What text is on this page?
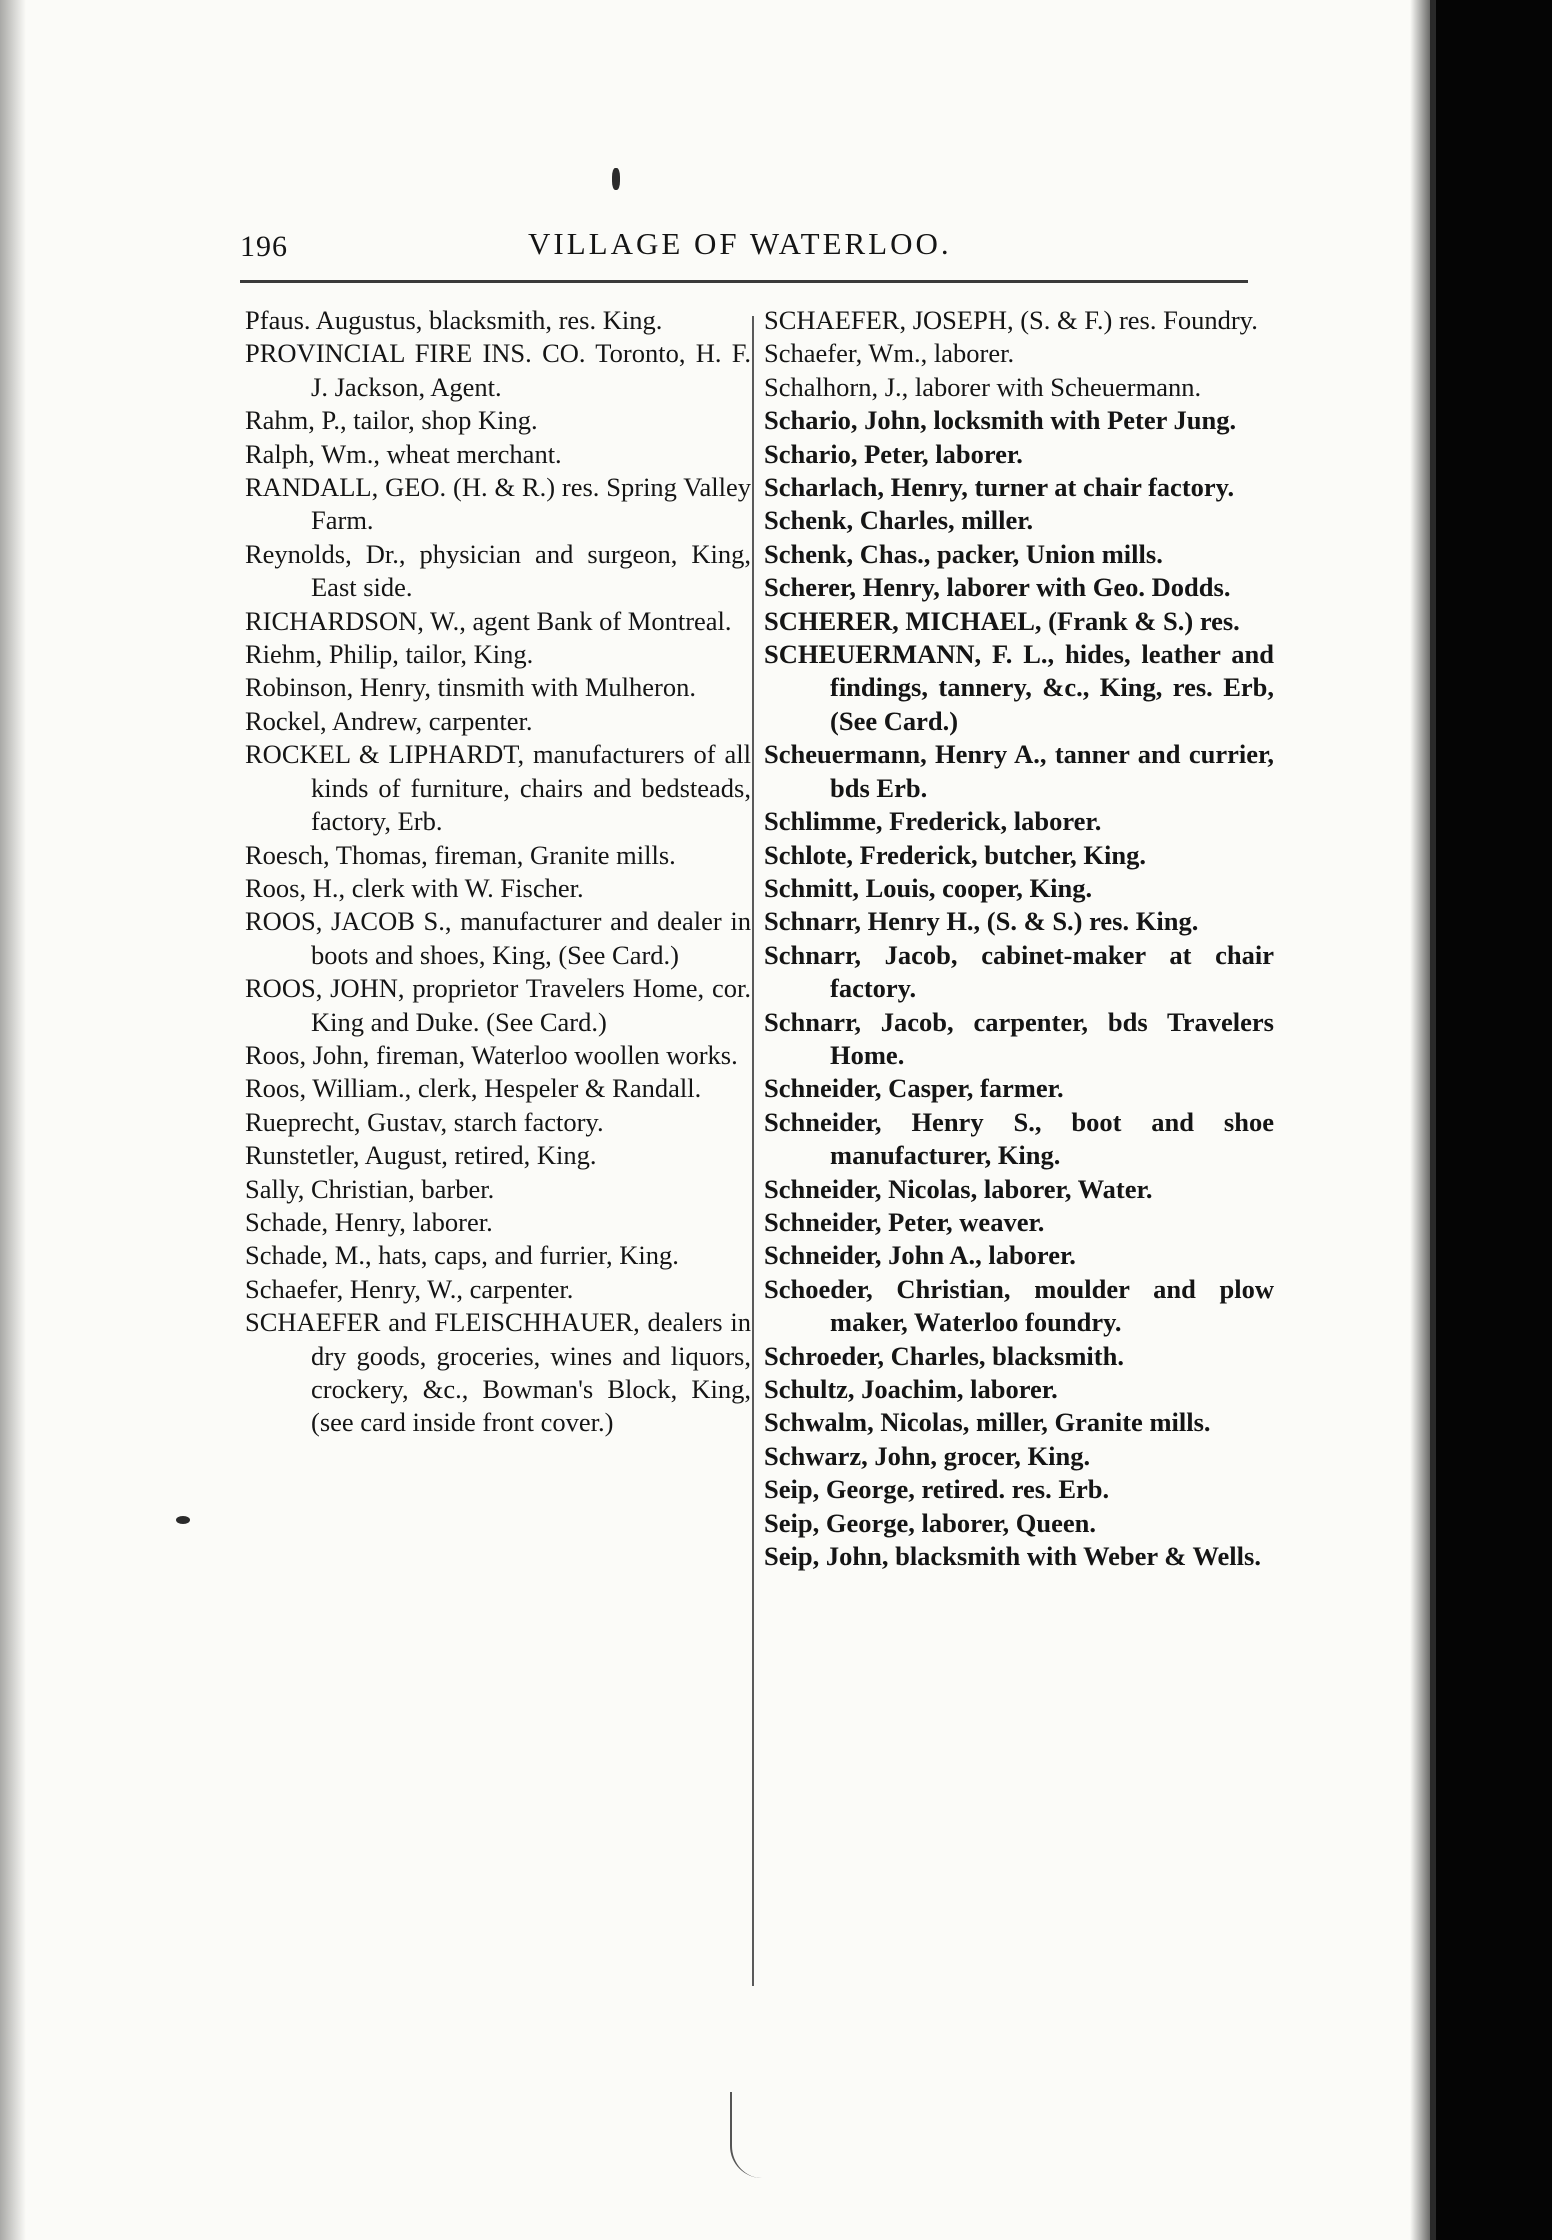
196	VILLAGE OF WATERLOO.

Pfaus. Augustus, blacksmith, res. King.

PROVINCIAL FIRE INS. CO. Toronto, H. F. J. Jackson, Agent.

Rahm, P., tailor, shop King.

Ralph, Wm., wheat merchant.

RANDALL, GEO. (H. & R.) res. Spring Valley Farm.

Reynolds, Dr., physician and surgeon, King, East side.

RICHARDSON, W., agent Bank of Montreal.

Riehm, Philip, tailor, King.

Robinson, Henry, tinsmith with Mulheron.

Rockel, Andrew, carpenter.

ROCKEL & LIPHARDT, manufacturers of all kinds of furniture, chairs and bedsteads, factory, Erb.

Roesch, Thomas, fireman, Granite mills.

Roos, H., clerk with W. Fischer.

ROOS, JACOB S., manufacturer and dealer in boots and shoes, King, (See Card.)

ROOS, JOHN, proprietor Travelers Home, cor. King and Duke. (See Card.)

Roos, John, fireman, Waterloo woollen works.

Roos, William., clerk, Hespeler & Randall.

Rueprecht, Gustav, starch factory.

Runstetler, August, retired, King.

Sally, Christian, barber.

Schade, Henry, laborer.

Schade, M., hats, caps, and furrier, King.

Schaefer, Henry, W., carpenter.

SCHAEFER and FLEISCHHAUER, dealers in dry goods, groceries, wines and liquors, crockery, &c., Bowman's Block, King, (see card inside front cover.)

SCHAEFER, JOSEPH, (S. & F.) res. Foundry.

Schaefer, Wm., laborer.

Schalhorn, J., laborer with Scheuermann.

Schario, John, locksmith with Peter Jung.

Schario, Peter, laborer.

Scharlach, Henry, turner at chair factory.

Schenk, Charles, miller.

Schenk, Chas., packer, Union mills.

Scherer, Henry, laborer with Geo. Dodds.

SCHERER, MICHAEL, (Frank & S.) res.

SCHEUERMANN, F. L., hides, leather and findings, tannery, &c., King, res. Erb, (See Card.)

Scheuermann, Henry A., tanner and currier, bds Erb.

Schlimme, Frederick, laborer.

Schlote, Frederick, butcher, King.

Schmitt, Louis, cooper, King.

Schnarr, Henry H., (S. & S.) res. King.

Schnarr, Jacob, cabinet-maker at chair factory.

Schnarr, Jacob, carpenter, bds Travelers Home.

Schneider, Casper, farmer.

Schneider, Henry S., boot and shoe manufacturer, King.

Schneider, Nicolas, laborer, Water.

Schneider, Peter, weaver.

Schneider, John A., laborer.

Schoeder, Christian, moulder and plow maker, Waterloo foundry.

Schroeder, Charles, blacksmith.

Schultz, Joachim, laborer.

Schwalm, Nicolas, miller, Granite mills.

Schwarz, John, grocer, King.

Seip, George, retired. res. Erb.

Seip, George, laborer, Queen.

Seip, John, blacksmith with Weber & Wells.
